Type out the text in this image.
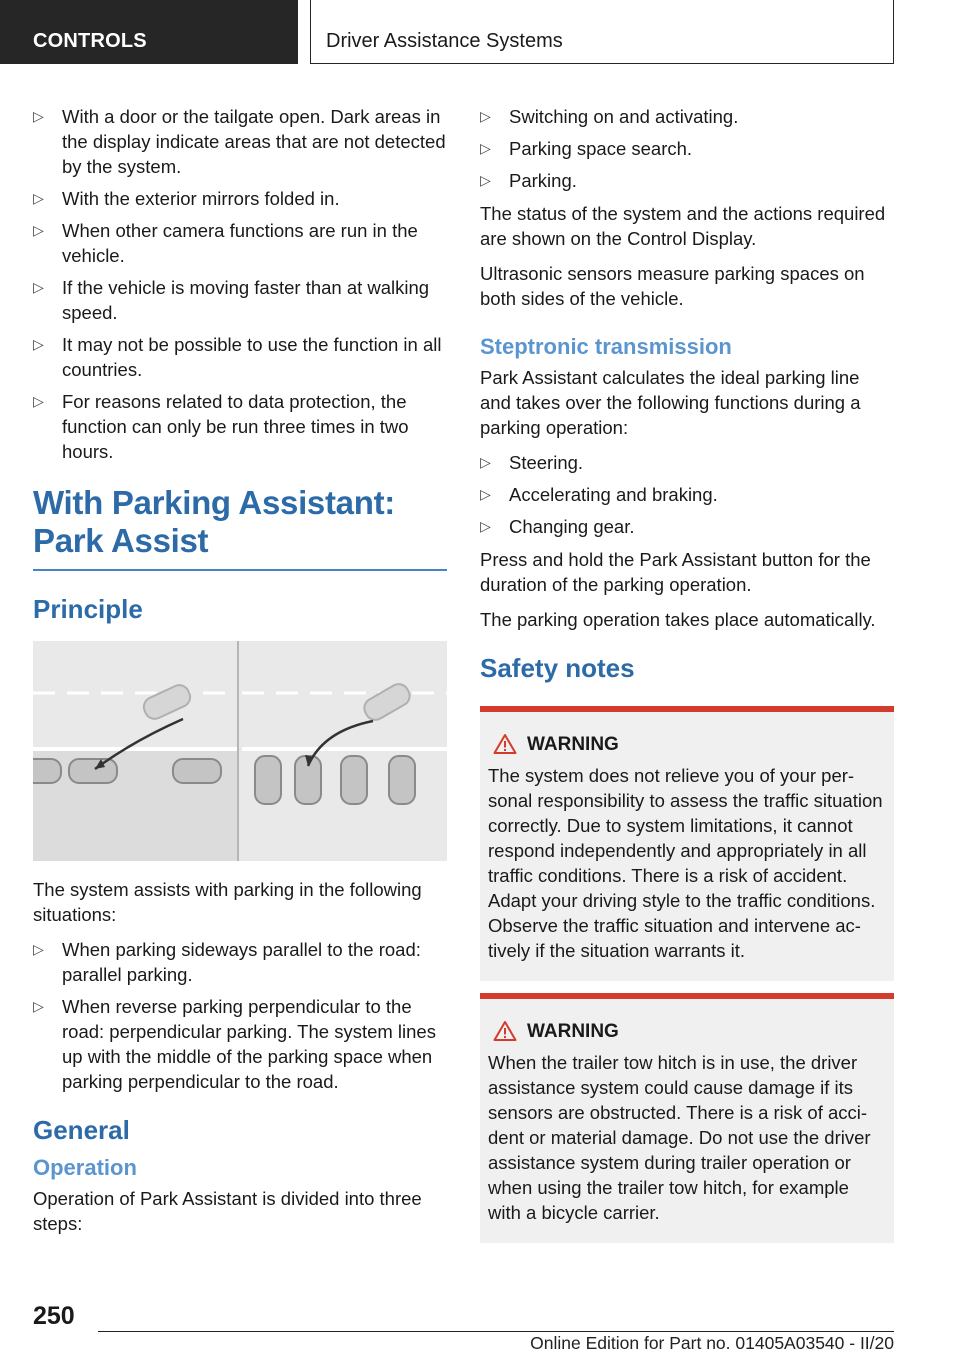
CONTROLS	Driver Assistance Systems
▷ With a door or the tailgate open. Dark areas in the display indicate areas that are not detected by the system.
▷ With the exterior mirrors folded in.
▷ When other camera functions are run in the vehicle.
▷ If the vehicle is moving faster than at walking speed.
▷ It may not be possible to use the function in all countries.
▷ For reasons related to data protection, the function can only be run three times in two hours.
With Parking Assistant: Park Assist
Principle

The system assists with parking in the following situations:

▷ When parking sideways parallel to the road: parallel parking.
▷ When reverse parking perpendicular to the road: perpendicular parking. The system lines up with the middle of the parking space when parking perpendicular to the road.
General
Operation

Operation of Park Assistant is divided into three steps:

▷ Switching on and activating.
▷ Parking space search.
▷ Parking.

The status of the system and the actions required are shown on the Control Display.

Ultrasonic sensors measure parking spaces on both sides of the vehicle.

Steptronic transmission

Park Assistant calculates the ideal parking line and takes over the following functions during a parking operation:

▷ Steering.
▷ Accelerating and braking.
▷ Changing gear.

Press and hold the Park Assistant button for the duration of the parking operation.

The parking operation takes place automatically.

Safety notes
WARNING

The system does not relieve you of your personal responsibility to assess the traffic situation correctly. Due to system limitations, it cannot respond independently and appropriately in all traffic conditions. There is a risk of accident. Adapt your driving style to the traffic conditions. Observe the traffic situation and intervene actively if the situation warrants it.

WARNING

When the trailer tow hitch is in use, the driver assistance system could cause damage if its sensors are obstructed. There is a risk of accident or material damage. Do not use the driver assistance system during trailer operation or when using the trailer tow hitch, for example with a bicycle carrier.

250
Online Edition for Part no. 01405A03540 - II/20
